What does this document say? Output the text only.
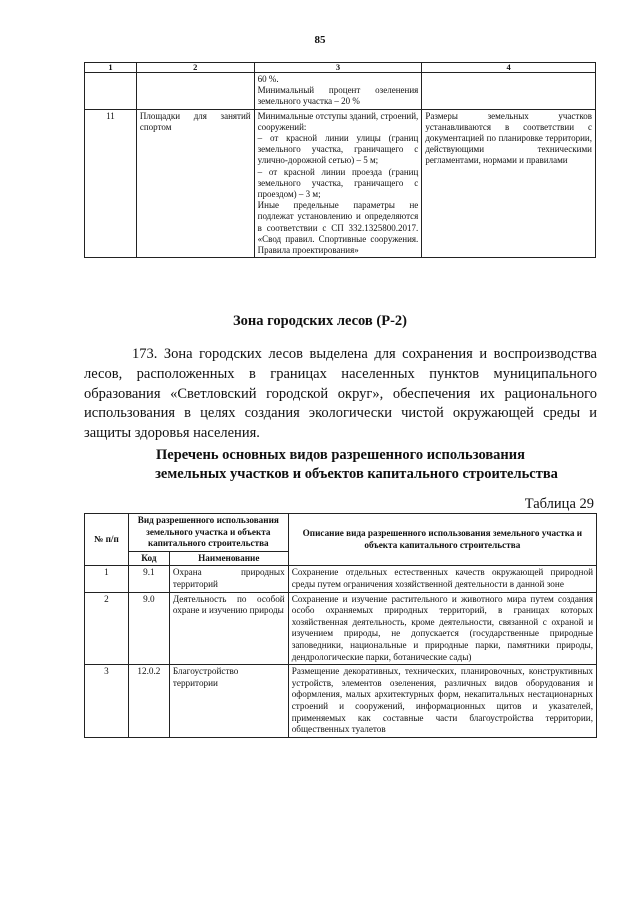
85
1	2	3	4

		60 %.
Минимальный процент озеленения земельного участка – 20 %	

11	Площадки для занятий спортом	Минимальные отступы зданий, строений, сооружений:
– от красной линии улицы (границ земельного участка, граничащего с улично-дорожной сетью) – 5 м;
– от красной линии проезда (границ земельного участка, граничащего с проездом) – 3 м;
Иные предельные параметры не подлежат установлению и определяются в соответствии с СП 332.1325800.2017. «Свод правил. Спортивные сооружения. Правила проектирования»	Размеры земельных участков устанавливаются в соответствии с документацией по планировке территории, действующими техническими регламентами, нормами и правилами
Зона городских лесов (Р-2)

173. Зона городских лесов выделена для сохранения и воспроизводства лесов, расположенных в границах населенных пунктов муниципального образования «Светловский городской округ», обеспечения их рационального использования в целях создания экологически чистой окружающей среды и защиты здоровья населения.

Перечень основных видов разрешенного использования
земельных участков и объектов капитального строительства
Таблица 29
№ п/п	Вид разрешенного использования земельного участка и объекта капитального строительства		Описание вида разрешенного использования земельного участка и объекта капитального строительства
	Код	Наименование	
1	9.1	Охрана природных территорий	Сохранение отдельных естественных качеств окружающей природной среды путем ограничения хозяйственной деятельности в данной зоне
2	9.0	Деятельность по особой охране и изучению природы	Сохранение и изучение растительного и животного мира путем создания особо охраняемых природных территорий, в границах которых хозяйственная деятельность, кроме деятельности, связанной с охраной и изучением природы, не допускается (государственные природные заповедники, национальные и природные парки, памятники природы, дендрологические парки, ботанические сады)
3	12.0.2	Благоустройство территории	Размещение декоративных, технических, планировочных, конструктивных устройств, элементов озеленения, различных видов оборудования и оформления, малых архитектурных форм, некапитальных нестационарных строений и сооружений, информационных щитов и указателей, применяемых как составные части благоустройства территории, общественных туалетов
